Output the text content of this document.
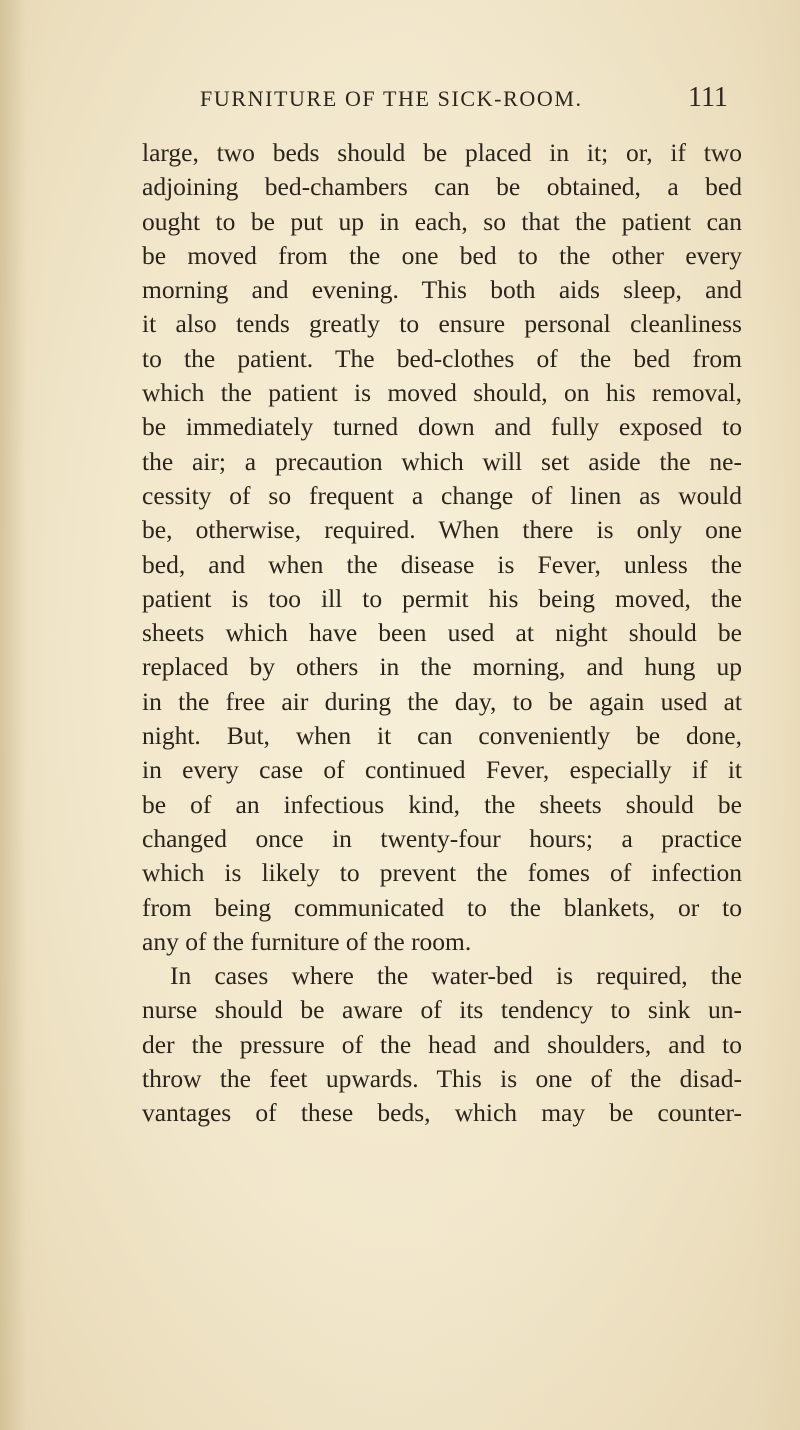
FURNITURE OF THE SICK-ROOM.	111
large, two beds should be placed in it; or, if two
adjoining bed-chambers can be obtained, a bed
ought to be put up in each, so that the patient can
be moved from the one bed to the other every
morning and evening. This both aids sleep, and
it also tends greatly to ensure personal cleanliness
to the patient. The bed-clothes of the bed from
which the patient is moved should, on his removal,
be immediately turned down and fully exposed to
the air; a precaution which will set aside the ne-
cessity of so frequent a change of linen as would
be, otherwise, required. When there is only one
bed, and when the disease is Fever, unless the
patient is too ill to permit his being moved, the
sheets which have been used at night should be
replaced by others in the morning, and hung up
in the free air during the day, to be again used at
night. But, when it can conveniently be done,
in every case of continued Fever, especially if it
be of an infectious kind, the sheets should be
changed once in twenty-four hours; a practice
which is likely to prevent the fomes of infection
from being communicated to the blankets, or to
any of the furniture of the room.
In cases where the water-bed is required, the
nurse should be aware of its tendency to sink un-
der the pressure of the head and shoulders, and to
throw the feet upwards. This is one of the disad-
vantages of these beds, which may be counter-
